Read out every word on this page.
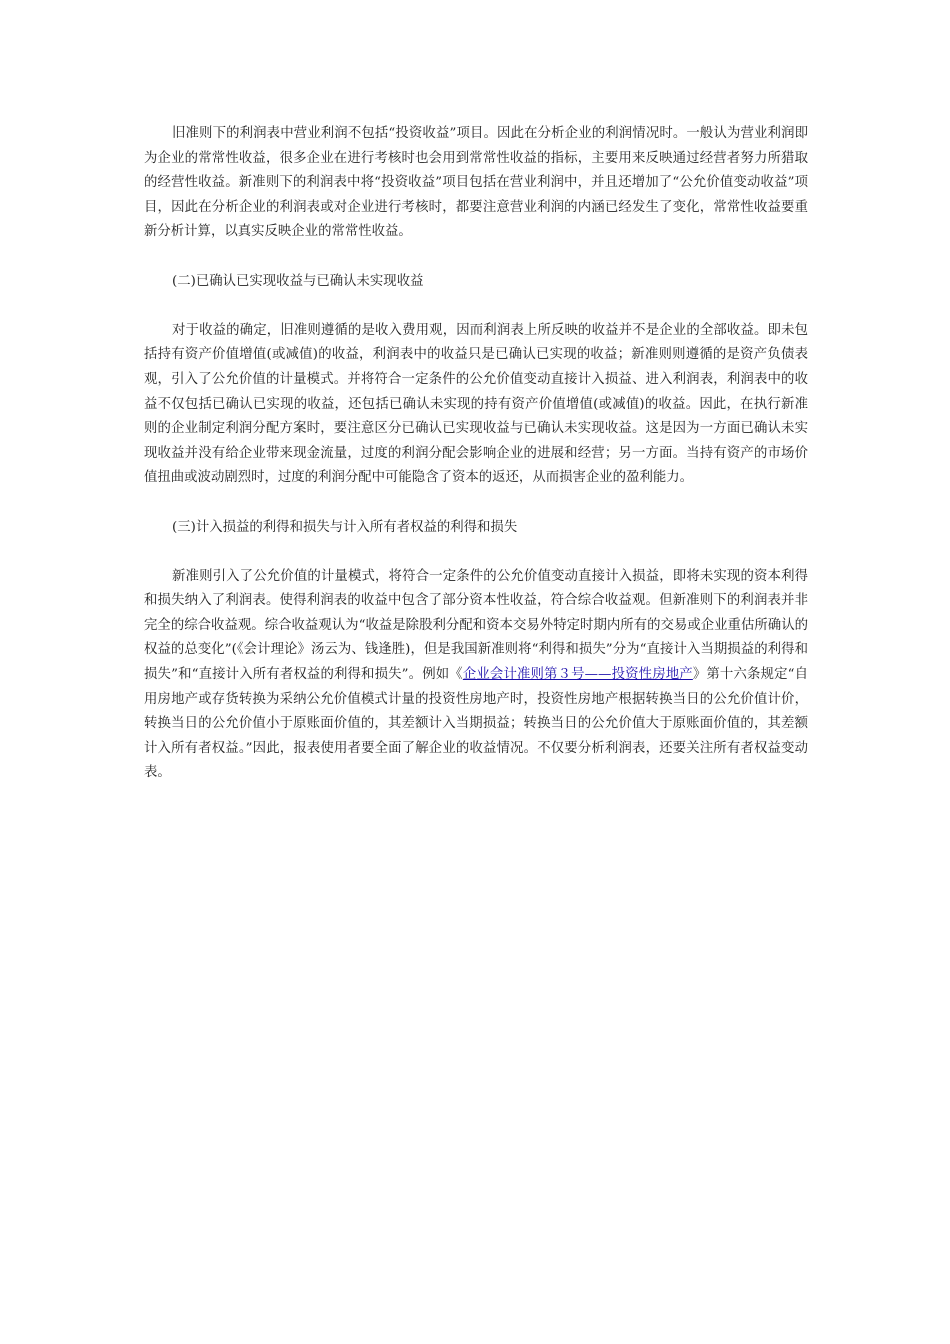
旧准则下的利润表中营业利润不包括“投资收益”项目。因此在分析企业的利润情况时。一般认为营业利润即为企业的常常性收益，很多企业在进行考核时也会用到常常性收益的指标，主要用来反映通过经营者努力所猎取的经营性收益。新准则下的利润表中将“投资收益”项目包括在营业利润中，并且还增加了“公允价值变动收益”项目，因此在分析企业的利润表或对企业进行考核时，都要注意营业利润的内涵已经发生了变化，常常性收益要重新分析计算，以真实反映企业的常常性收益。

(二)已确认已实现收益与已确认未实现收益

对于收益的确定，旧准则遵循的是收入费用观，因而利润表上所反映的收益并不是企业的全部收益。即未包括持有资产价值增值(或减值)的收益，利润表中的收益只是已确认已实现的收益；新准则则遵循的是资产负债表观，引入了公允价值的计量模式。并将符合一定条件的公允价值变动直接计入损益、进入利润表，利润表中的收益不仅包括已确认已实现的收益，还包括已确认未实现的持有资产价值增值(或减值)的收益。因此，在执行新准则的企业制定利润分配方案时，要注意区分已确认已实现收益与已确认未实现收益。这是因为一方面已确认未实现收益并没有给企业带来现金流量，过度的利润分配会影响企业的进展和经营；另一方面。当持有资产的市场价值扭曲或波动剧烈时，过度的利润分配中可能隐含了资本的返还，从而损害企业的盈利能力。

(三)计入损益的利得和损失与计入所有者权益的利得和损失

新准则引入了公允价值的计量模式，将符合一定条件的公允价值变动直接计入损益，即将未实现的资本利得和损失纳入了利润表。使得利润表的收益中包含了部分资本性收益，符合综合收益观。但新准则下的利润表并非完全的综合收益观。综合收益观认为“收益是除股利分配和资本交易外特定时期内所有的交易或企业重估所确认的权益的总变化”(《会计理论》汤云为、钱逢胜)，但是我国新准则将“利得和损失”分为“直接计入当期损益的利得和损失”和“直接计入所有者权益的利得和损失”。例如《企业会计准则第３号——投资性房地产》第十六条规定“自用房地产或存货转换为采纳公允价值模式计量的投资性房地产时，投资性房地产根据转换当日的公允价值计价，转换当日的公允价值小于原账面价值的，其差额计入当期损益；转换当日的公允价值大于原账面价值的，其差额计入所有者权益。”因此，报表使用者要全面了解企业的收益情况。不仅要分析利润表，还要关注所有者权益变动表。
